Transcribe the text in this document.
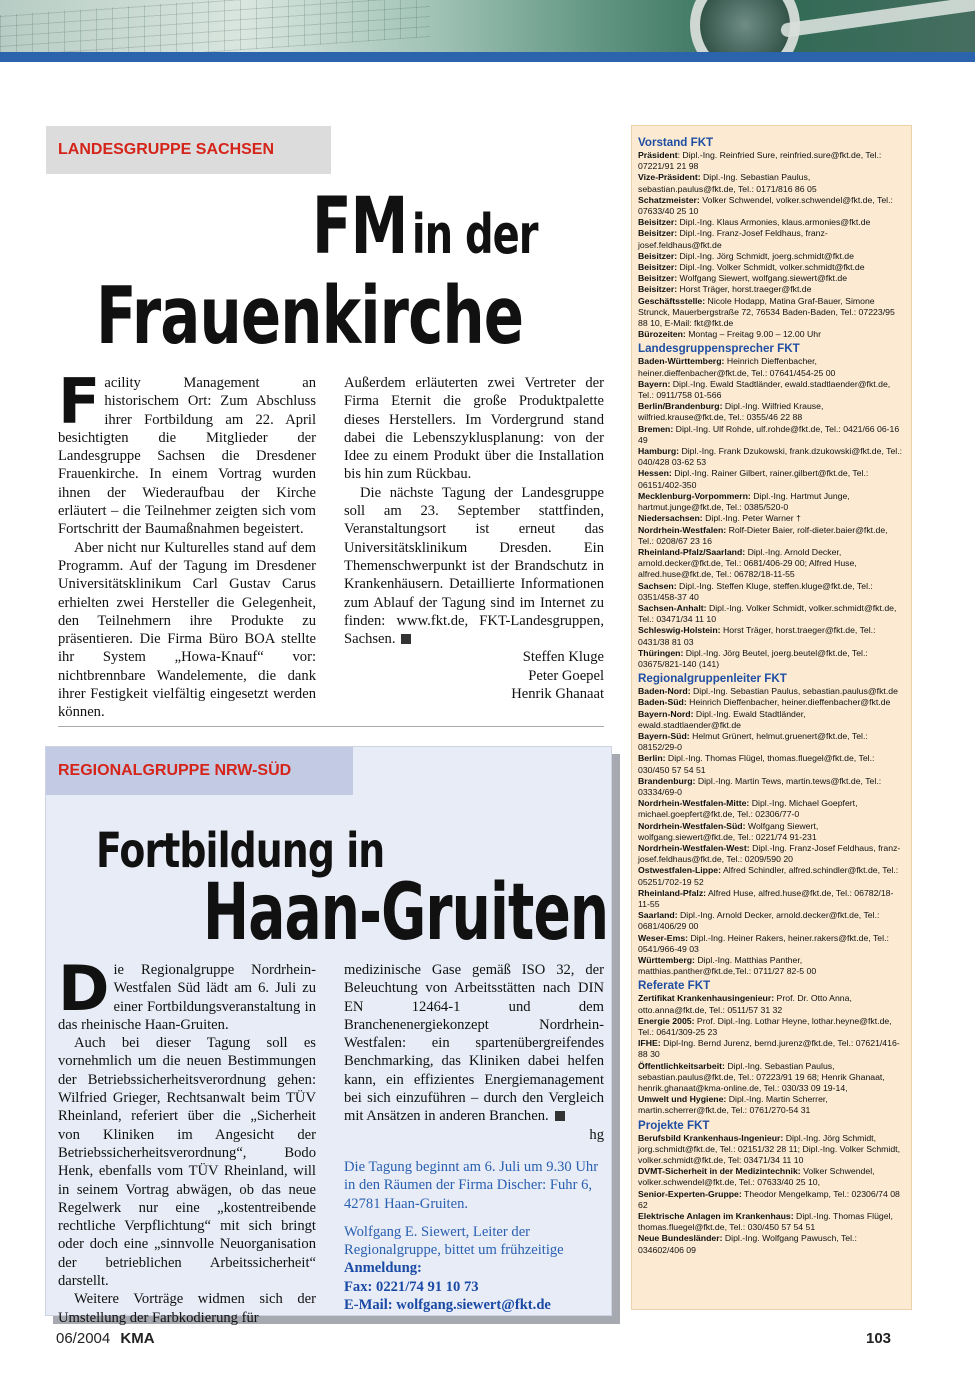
LANDESGRUPPE SACHSEN
FM in der
Frauenkirche

Facility Management an historischem Ort: Zum Abschluss ihrer Fortbildung am 22. April besichtigten die Mitglieder der Landesgruppe Sachsen die Dresdener Frauenkirche. In einem Vortrag wurden ihnen der Wiederaufbau der Kirche erläutert – die Teilnehmer zeigten sich vom Fortschritt der Baumaßnahmen begeistert.

Aber nicht nur Kulturelles stand auf dem Programm. Auf der Tagung im Dresdener Universitätsklinikum Carl Gustav Carus erhielten zwei Hersteller die Gelegenheit, den Teilnehmern ihre Produkte zu präsentieren. Die Firma Büro BOA stellte ihr System „Howa-Knauf“ vor: nichtbrennbare Wandelemente, die dank ihrer Festigkeit vielfältig eingesetzt werden können.

Außerdem erläuterten zwei Vertreter der Firma Eternit die große Produktpalette dieses Herstellers. Im Vordergrund stand dabei die Lebenszyklusplanung: von der Idee zu einem Produkt über die Installation bis hin zum Rückbau.

Die nächste Tagung der Landesgruppe soll am 23. September stattfinden, Veranstaltungsort ist erneut das Universitätsklinikum Dresden. Ein Themenschwerpunkt ist der Brandschutz in Krankenhäusern. Detaillierte Informationen zum Ablauf der Tagung sind im Internet zu finden: www.fkt.de, FKT-Landesgruppen, Sachsen.

Steffen Kluge
Peter Goepel
Henrik Ghanaat
REGIONALGRUPPE NRW-SÜD
Fortbildung in
Haan-Gruiten

Die Regionalgruppe Nordrhein-Westfalen Süd lädt am 6. Juli zu einer Fortbildungsveranstaltung in das rheinische Haan-Gruiten.

Auch bei dieser Tagung soll es vornehmlich um die neuen Bestimmungen der Betriebssicherheitsverordnung gehen: Wilfried Grieger, Rechtsanwalt beim TÜV Rheinland, referiert über die „Sicherheit von Kliniken im Angesicht der Betriebssicherheitsverordnung“, Bodo Henk, ebenfalls vom TÜV Rheinland, will in seinem Vortrag abwägen, ob das neue Regelwerk nur eine „kostentreibende rechtliche Verpflichtung“ mit sich bringt oder doch eine „sinnvolle Neuorganisation der betrieblichen Arbeitssicherheit“ darstellt.

Weitere Vorträge widmen sich der Umstellung der Farbkodierung für

medizinische Gase gemäß ISO 32, der Beleuchtung von Arbeitsstätten nach DIN EN 12464-1 und dem Branchenenergiekonzept Nordrhein-Westfalen: ein spartenübergreifendes Benchmarking, das Kliniken dabei helfen kann, ein effizientes Energiemanagement bei sich einzuführen – durch den Vergleich mit Ansätzen in anderen Branchen.

hg

Die Tagung beginnt am 6. Juli um 9.30 Uhr in den Räumen der Firma Discher: Fuhr 6, 42781 Haan-Gruiten.

Wolfgang E. Siewert, Leiter der Regionalgruppe, bittet um frühzeitige

Anmeldung:
Fax: 0221/74 91 10 73
E-Mail: wolfgang.siewert@fkt.de
Vorstand FKT

Präsident: Dipl.-Ing. Reinfried Sure, reinfried.sure@fkt.de, Tel.: 07221/91 21 98

Vize-Präsident: Dipl.-Ing. Sebastian Paulus, sebastian.paulus@fkt.de, Tel.: 0171/816 86 05

Schatzmeister: Volker Schwendel, volker.schwendel@fkt.de, Tel.: 07633/40 25 10

Beisitzer: Dipl.-Ing. Klaus Armonies, klaus.armonies@fkt.de

Beisitzer: Dipl.-Ing. Franz-Josef Feldhaus, franz-josef.feldhaus@fkt.de

Beisitzer: Dipl.-Ing. Jörg Schmidt, joerg.schmidt@fkt.de

Beisitzer: Dipl.-Ing. Volker Schmidt, volker.schmidt@fkt.de

Beisitzer: Wolfgang Siewert, wolfgang.siewert@fkt.de

Beisitzer: Horst Träger, horst.traeger@fkt.de

Geschäftsstelle: Nicole Hodapp, Matina Graf-Bauer, Simone Strunck, Mauerbergstraße 72, 76534 Baden-Baden, Tel.: 07223/95 88 10, E-Mail: fkt@fkt.de

Bürozeiten: Montag – Freitag 9.00 – 12.00 Uhr

Landesgruppensprecher FKT

Baden-Württemberg: Heinrich Dieffenbacher, heiner.dieffenbacher@fkt.de, Tel.: 07641/454-25 00

Bayern: Dipl.-Ing. Ewald Stadtländer, ewald.stadtlaender@fkt.de, Tel.: 0911/758 01-566

Berlin/Brandenburg: Dipl.-Ing. Wilfried Krause, wilfried.krause@fkt.de, Tel.: 0355/46 22 88

Bremen: Dipl.-Ing. Ulf Rohde, ulf.rohde@fkt.de, Tel.: 0421/66 06-16 49

Hamburg: Dipl.-Ing. Frank Dzukowski, frank.dzukowski@fkt.de, Tel.: 040/428 03-62 53

Hessen: Dipl.-Ing. Rainer Gilbert, rainer.gilbert@fkt.de, Tel.: 06151/402-350

Mecklenburg-Vorpommern: Dipl.-Ing. Hartmut Junge, hartmut.junge@fkt.de, Tel.: 0385/520-0

Niedersachsen: Dipl.-Ing. Peter Warner †

Nordrhein-Westfalen: Rolf-Dieter Baier, rolf-dieter.baier@fkt.de, Tel.: 0208/67 23 16

Rheinland-Pfalz/Saarland: Dipl.-Ing. Arnold Decker, arnold.decker@fkt.de, Tel.: 0681/406-29 00; Alfred Huse, alfred.huse@fkt.de, Tel.: 06782/18-11-55

Sachsen: Dipl.-Ing. Steffen Kluge, steffen.kluge@fkt.de, Tel.: 0351/458-37 40

Sachsen-Anhalt: Dipl.-Ing. Volker Schmidt, volker.schmidt@fkt.de, Tel.: 03471/34 11 10

Schleswig-Holstein: Horst Träger, horst.traeger@fkt.de, Tel.: 0431/38 81 03

Thüringen: Dipl.-Ing. Jörg Beutel, joerg.beutel@fkt.de, Tel.: 03675/821-140 (141)

Regionalgruppenleiter FKT

Baden-Nord: Dipl.-Ing. Sebastian Paulus, sebastian.paulus@fkt.de

Baden-Süd: Heinrich Dieffenbacher, heiner.dieffenbacher@fkt.de

Bayern-Nord: Dipl.-Ing. Ewald Stadtländer, ewald.stadtlaender@fkt.de

Bayern-Süd: Helmut Grünert, helmut.gruenert@fkt.de, Tel.: 08152/29-0

Berlin: Dipl.-Ing. Thomas Flügel, thomas.fluegel@fkt.de, Tel.: 030/450 57 54 51

Brandenburg: Dipl.-Ing. Martin Tews, martin.tews@fkt.de, Tel.: 03334/69-0

Nordrhein-Westfalen-Mitte: Dipl.-Ing. Michael Goepfert, michael.goepfert@fkt.de, Tel.: 02306/77-0

Nordrhein-Westfalen-Süd: Wolfgang Siewert, wolfgang.siewert@fkt.de, Tel.: 0221/74 91-231

Nordrhein-Westfalen-West: Dipl.-Ing. Franz-Josef Feldhaus, franz-josef.feldhaus@fkt.de, Tel.: 0209/590 20

Ostwestfalen-Lippe: Alfred Schindler, alfred.schindler@fkt.de, Tel.: 05251/702-19 52

Rheinland-Pfalz: Alfred Huse, alfred.huse@fkt.de, Tel.: 06782/18-11-55

Saarland: Dipl.-Ing. Arnold Decker, arnold.decker@fkt.de, Tel.: 0681/406/29 00

Weser-Ems: Dipl.-Ing. Heiner Rakers, heiner.rakers@fkt.de, Tel.: 0541/966-49 03

Württemberg: Dipl.-Ing. Matthias Panther, matthias.panther@fkt.de,Tel.: 0711/27 82-5 00

Referate FKT

Zertifikat Krankenhausingenieur: Prof. Dr. Otto Anna, otto.anna@fkt.de, Tel.: 0511/57 31 32

Energie 2005: Prof. Dipl.-Ing. Lothar Heyne, lothar.heyne@fkt.de, Tel.: 0641/309-25 23

IFHE: Dipl-Ing. Bernd Jurenz, bernd.jurenz@fkt.de, Tel.: 07621/416-88 30

Öffentlichkeitsarbeit: Dipl.-Ing. Sebastian Paulus, sebastian.paulus@fkt.de, Tel.: 07223/91 19 68; Henrik Ghanaat, henrik.ghanaat@kma-online.de, Tel.: 030/33 09 19-14,

Umwelt und Hygiene: Dipl.-Ing. Martin Scherrer, martin.scherrer@fkt.de, Tel.: 0761/270-54 31

Projekte FKT

Berufsbild Krankenhaus-Ingenieur: Dipl.-Ing. Jörg Schmidt, jorg.schmidt@fkt.de, Tel.: 02151/32 28 11; Dipl.-Ing. Volker Schmidt, volker.schmidt@fkt.de, Tel: 03471/34 11 10

DVMT-Sicherheit in der Medizintechnik: Volker Schwendel, volker.schwendel@fkt.de, Tel.: 07633/40 25 10,

Senior-Experten-Gruppe: Theodor Mengelkamp, Tel.: 02306/74 08 62

Elektrische Anlagen im Krankenhaus: Dipl.-Ing. Thomas Flügel, thomas.fluegel@fkt.de, Tel.: 030/450 57 54 51

Neue Bundesländer: Dipl.-Ing. Wolfgang Pawusch, Tel.: 034602/406 09

06/2004 KMA	103
